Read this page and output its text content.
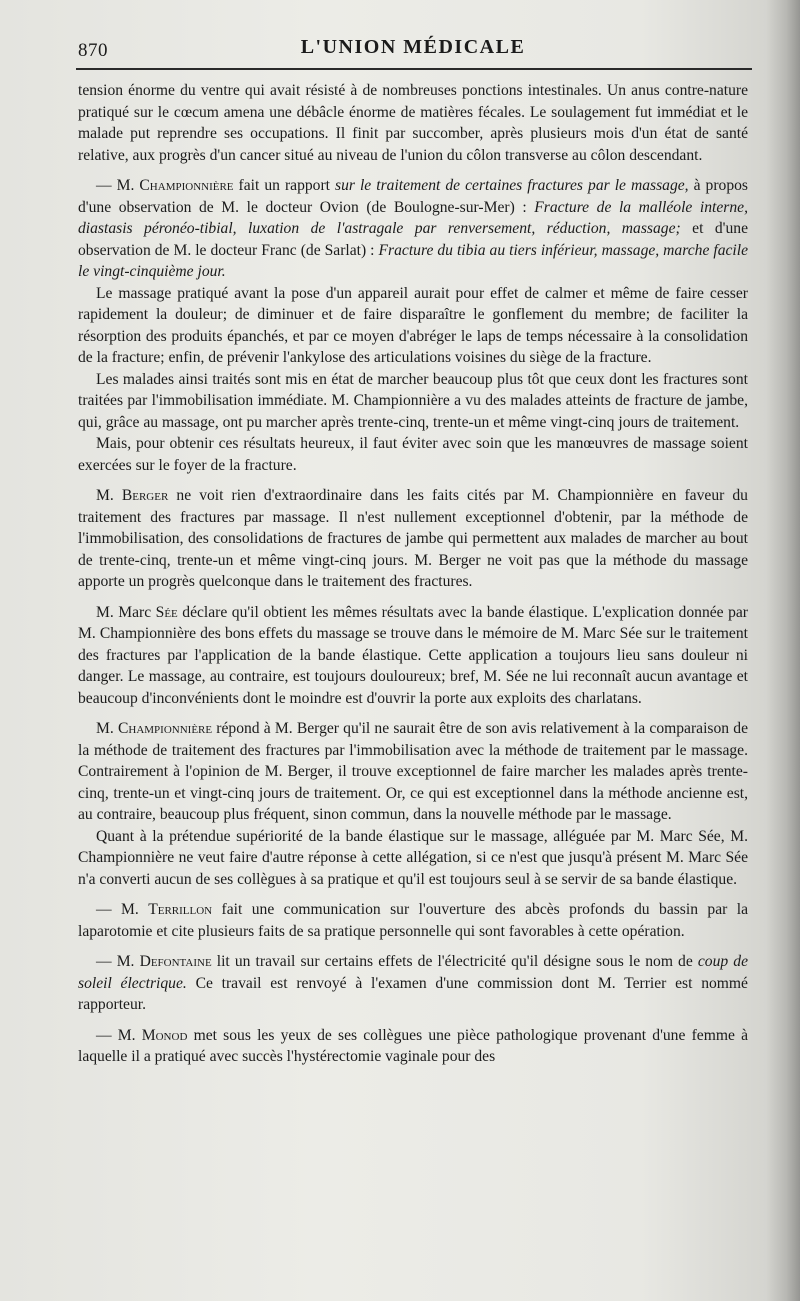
870	L'UNION MÉDICALE

tension énorme du ventre qui avait résisté à de nombreuses ponctions intestinales. Un anus contre-nature pratiqué sur le cœcum amena une débâcle énorme de matières fécales. Le soulagement fut immédiat et le malade put reprendre ses occupations. Il finit par succomber, après plusieurs mois d'un état de santé relative, aux progrès d'un cancer situé au niveau de l'union du côlon transverse au côlon descendant.

— M. Championnière fait un rapport sur le traitement de certaines fractures par le massage, à propos d'une observation de M. le docteur Ovion (de Boulogne-sur-Mer) : Fracture de la malléole interne, diastasis péronéo-tibial, luxation de l'astragale par renversement, réduction, massage; et d'une observation de M. le docteur Franc (de Sarlat) : Fracture du tibia au tiers inférieur, massage, marche facile le vingt-cinquième jour.

Le massage pratiqué avant la pose d'un appareil aurait pour effet de calmer et même de faire cesser rapidement la douleur; de diminuer et de faire disparaître le gonflement du membre; de faciliter la résorption des produits épanchés, et par ce moyen d'abréger le laps de temps nécessaire à la consolidation de la fracture; enfin, de prévenir l'ankylose des articulations voisines du siège de la fracture.

Les malades ainsi traités sont mis en état de marcher beaucoup plus tôt que ceux dont les fractures sont traitées par l'immobilisation immédiate. M. Championnière a vu des malades atteints de fracture de jambe, qui, grâce au massage, ont pu marcher après trente-cinq, trente-un et même vingt-cinq jours de traitement.

Mais, pour obtenir ces résultats heureux, il faut éviter avec soin que les manœuvres de massage soient exercées sur le foyer de la fracture.

M. Berger ne voit rien d'extraordinaire dans les faits cités par M. Championnière en faveur du traitement des fractures par massage. Il n'est nullement exceptionnel d'obtenir, par la méthode de l'immobilisation, des consolidations de fractures de jambe qui permettent aux malades de marcher au bout de trente-cinq, trente-un et même vingt-cinq jours. M. Berger ne voit pas que la méthode du massage apporte un progrès quelconque dans le traitement des fractures.

M. Marc Sée déclare qu'il obtient les mêmes résultats avec la bande élastique. L'explication donnée par M. Championnière des bons effets du massage se trouve dans le mémoire de M. Marc Sée sur le traitement des fractures par l'application de la bande élastique. Cette application a toujours lieu sans douleur ni danger. Le massage, au contraire, est toujours douloureux; bref, M. Sée ne lui reconnaît aucun avantage et beaucoup d'inconvénients dont le moindre est d'ouvrir la porte aux exploits des charlatans.

M. Championnière répond à M. Berger qu'il ne saurait être de son avis relativement à la comparaison de la méthode de traitement des fractures par l'immobilisation avec la méthode de traitement par le massage. Contrairement à l'opinion de M. Berger, il trouve exceptionnel de faire marcher les malades après trente-cinq, trente-un et vingt-cinq jours de traitement. Or, ce qui est exceptionnel dans la méthode ancienne est, au contraire, beaucoup plus fréquent, sinon commun, dans la nouvelle méthode par le massage.

Quant à la prétendue supériorité de la bande élastique sur le massage, alléguée par M. Marc Sée, M. Championnière ne veut faire d'autre réponse à cette allégation, si ce n'est que jusqu'à présent M. Marc Sée n'a converti aucun de ses collègues à sa pratique et qu'il est toujours seul à se servir de sa bande élastique.

— M. Terrillon fait une communication sur l'ouverture des abcès profonds du bassin par la laparotomie et cite plusieurs faits de sa pratique personnelle qui sont favorables à cette opération.

— M. Defontaine lit un travail sur certains effets de l'électricité qu'il désigne sous le nom de coup de soleil électrique. Ce travail est renvoyé à l'examen d'une commission dont M. Terrier est nommé rapporteur.

— M. Monod met sous les yeux de ses collègues une pièce pathologique provenant d'une femme à laquelle il a pratiqué avec succès l'hystérectomie vaginale pour des
